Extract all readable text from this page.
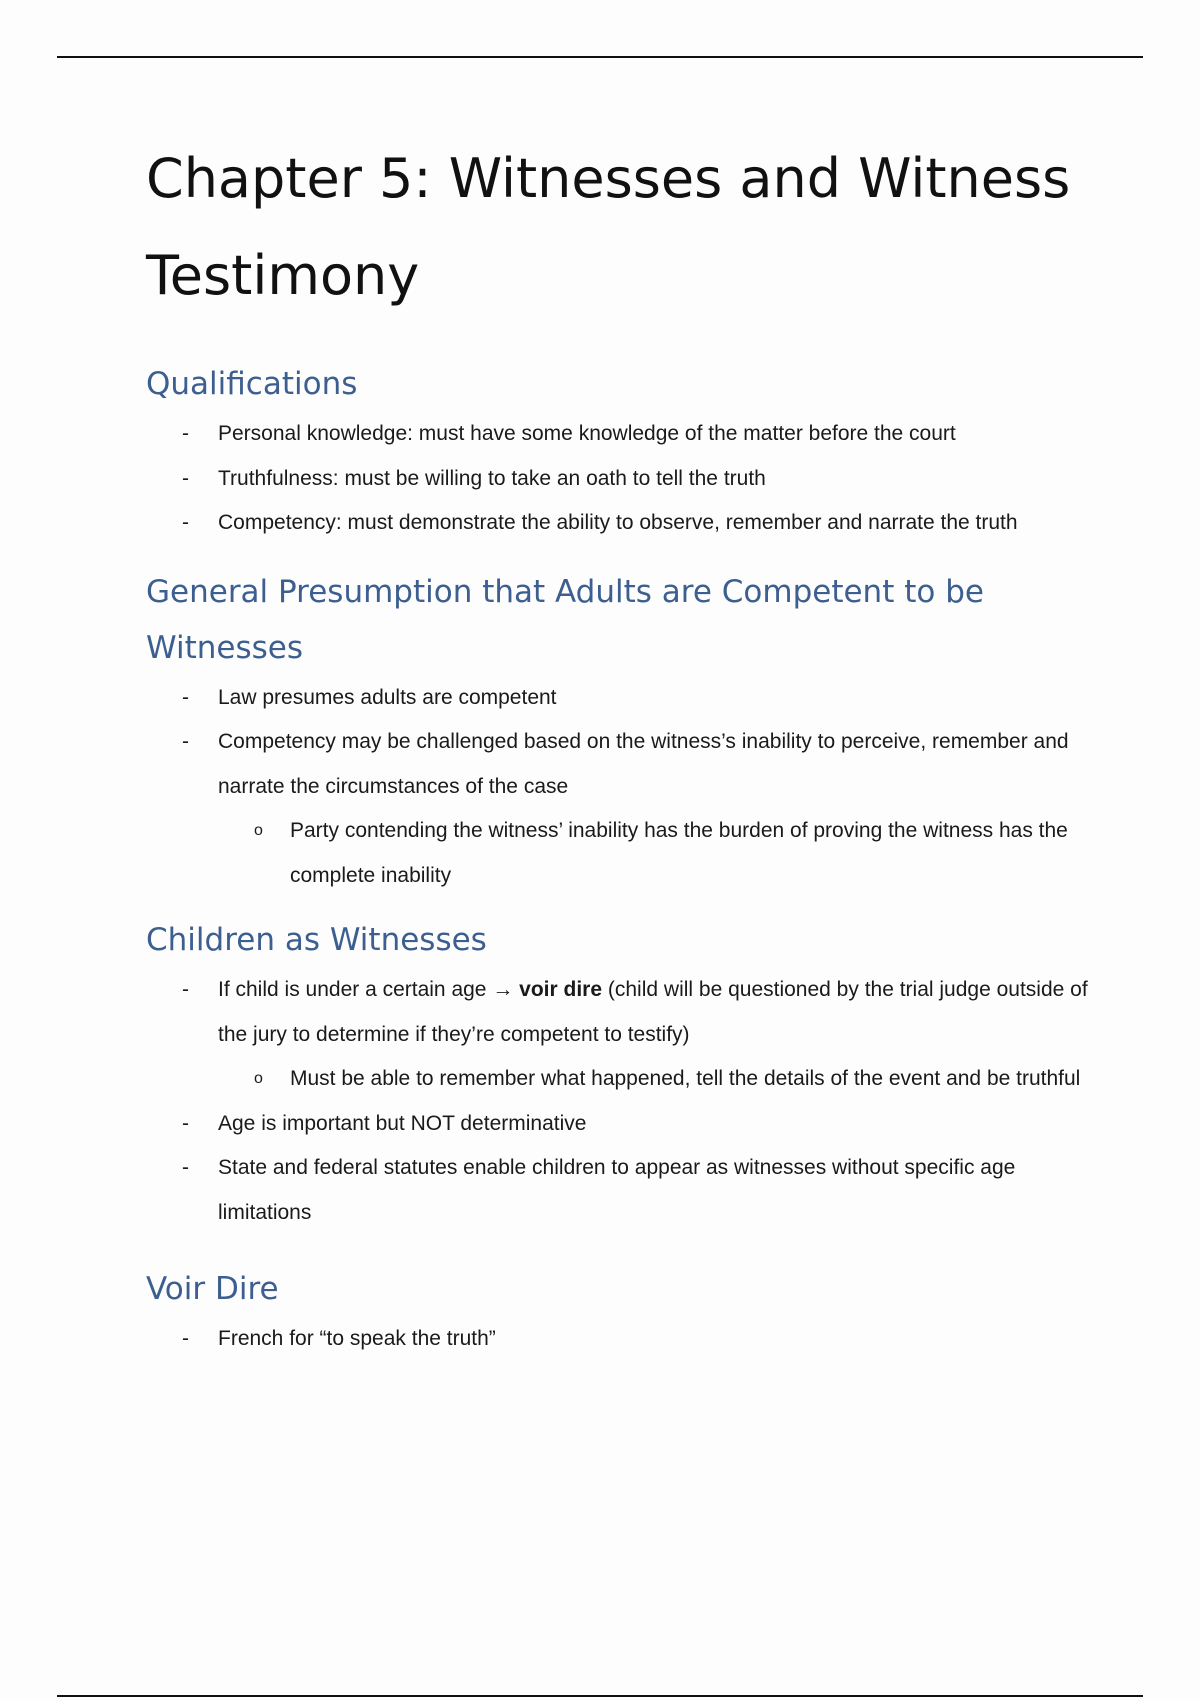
Chapter 5: Witnesses and Witness Testimony
Qualifications
- Personal knowledge: must have some knowledge of the matter before the court
- Truthfulness: must be willing to take an oath to tell the truth
- Competency: must demonstrate the ability to observe, remember and narrate the truth
General Presumption that Adults are Competent to be Witnesses
- Law presumes adults are competent
- Competency may be challenged based on the witness’s inability to perceive, remember and narrate the circumstances of the case
o Party contending the witness’ inability has the burden of proving the witness has the complete inability
Children as Witnesses
- If child is under a certain age → voir dire (child will be questioned by the trial judge outside of the jury to determine if they’re competent to testify)
o Must be able to remember what happened, tell the details of the event and be truthful
- Age is important but NOT determinative
- State and federal statutes enable children to appear as witnesses without specific age limitations
Voir Dire
- French for “to speak the truth”
